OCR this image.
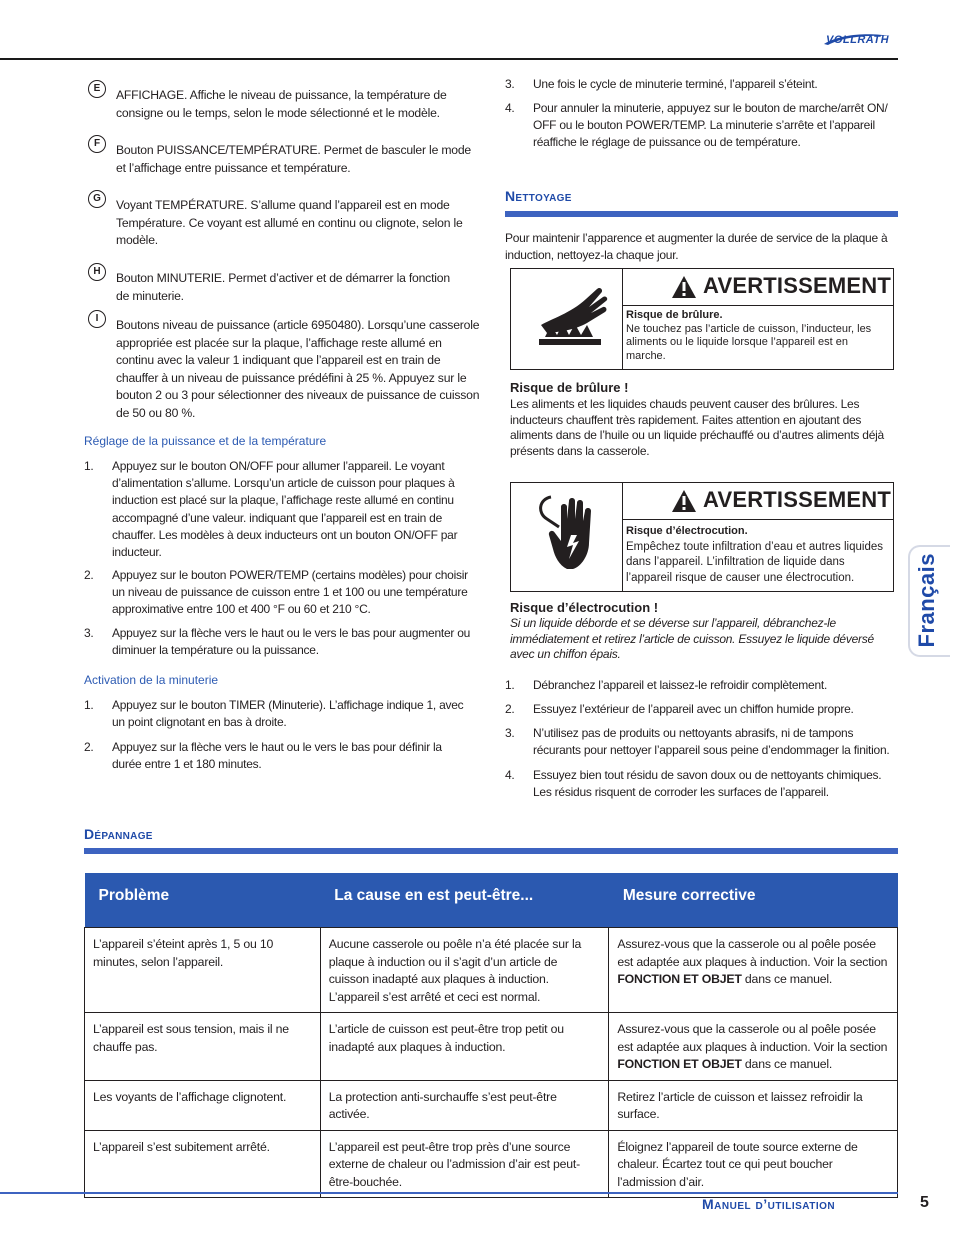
VOLLRATH
E	AFFICHAGE. Affiche le niveau de puissance, la température de consigne ou le temps, selon le mode sélectionné et le modèle.
F	Bouton PUISSANCE/TEMPÉRATURE. Permet de basculer le mode et l’affichage entre puissance et température.
G	Voyant TEMPÉRATURE. S’allume quand l’appareil est en mode Température. Ce voyant est allumé en continu ou clignote, selon le modèle.
H	Bouton MINUTERIE. Permet d’activer et de démarrer la fonction de minuterie.
I	Boutons niveau de puissance (article 6950480). Lorsqu’une casserole appropriée est placée sur la plaque, l’affichage reste allumé en continu avec la valeur 1 indiquant que l’appareil est en train de chauffer à un niveau de puissance prédéfini à 25 %. Appuyez sur le bouton 2 ou 3 pour sélectionner des niveaux de puissance de cuisson de 50 ou 80 %.
Réglage de la puissance et de la température
1.	Appuyez sur le bouton ON/OFF pour allumer l’appareil. Le voyant d’alimentation s’allume. Lorsqu’un article de cuisson pour plaques à induction est placé sur la plaque, l’affichage reste allumé en continu accompagné d’une valeur. indiquant que l’appareil est en train de chauffer. Les modèles à deux inducteurs ont un bouton ON/OFF par inducteur.
2.	Appuyez sur le bouton POWER/TEMP (certains modèles) pour choisir un niveau de puissance de cuisson entre 1 et 100 ou une température approximative entre 100 et 400 °F ou 60 et 210 °C.
3.	Appuyez sur la flèche vers le haut ou le vers le bas pour augmenter ou diminuer la température ou la puissance.
Activation de la minuterie
1.	Appuyez sur le bouton TIMER (Minuterie). L’affichage indique 1, avec un point clignotant en bas à droite.
2.	Appuyez sur la flèche vers le haut ou le vers le bas pour définir la durée entre 1 et 180 minutes.
3.	Une fois le cycle de minuterie terminé, l’appareil s’éteint.
4.	Pour annuler la minuterie, appuyez sur le bouton de marche/arrêt ON/ OFF ou le bouton POWER/TEMP. La minuterie s’arrête et l’appareil réaffiche le réglage de puissance ou de température.
Nettoyage
Pour maintenir l’apparence et augmenter la durée de service de la plaque à induction, nettoyez-la chaque jour.
AVERTISSEMENT
Risque de brûlure.
Ne touchez pas l’article de cuisson, l’inducteur, les aliments ou le liquide lorsque l’appareil est en marche.
Risque de brûlure !
Les aliments et les liquides chauds peuvent causer des brûlures. Les inducteurs chauffent très rapidement. Faites attention en ajoutant des aliments dans de l’huile ou un liquide préchauffé ou d’autres aliments déjà présents dans la casserole.
AVERTISSEMENT
Risque d’électrocution.
Empêchez toute infiltration d’eau et autres liquides dans l’appareil. L’infiltration de liquide dans l’appareil risque de causer une électrocution.
Risque d’électrocution !
Si un liquide déborde et se déverse sur l’appareil, débranchez-le immédiatement et retirez l’article de cuisson. Essuyez le liquide déversé avec un chiffon épais.
1.	Débranchez l’appareil et laissez-le refroidir complètement.
2.	Essuyez l’extérieur de l’appareil avec un chiffon humide propre.
3.	N’utilisez pas de produits ou nettoyants abrasifs, ni de tampons récurants pour nettoyer l’appareil sous peine d’endommager la finition.
4.	Essuyez bien tout résidu de savon doux ou de nettoyants chimiques. Les résidus risquent de corroder les surfaces de l’appareil.
Français
Dépannage
Problème	La cause en est peut-être...	Mesure corrective
L’appareil s’éteint après 1, 5 ou 10 minutes, selon l’appareil.	Aucune casserole ou poêle n’a été placée sur la plaque à induction ou il s’agit d’un article de cuisson inadapté aux plaques à induction. L’appareil s’est arrêté et ceci est normal.	Assurez-vous que la casserole ou al poêle posée est adaptée aux plaques à induction. Voir la section FONCTION ET OBJET dans ce manuel.
L’appareil est sous tension, mais il ne chauffe pas.	L’article de cuisson est peut-être trop petit ou inadapté aux plaques à induction.	Assurez-vous que la casserole ou al poêle posée est adaptée aux plaques à induction. Voir la section FONCTION ET OBJET dans ce manuel.
Les voyants de l’affichage clignotent.	La protection anti-surchauffe s’est peut-être activée.	Retirez l’article de cuisson et laissez refroidir la surface.
L’appareil s’est subitement arrêté.	L’appareil est peut-être trop près d’une source externe de chaleur ou l’admission d’air est peut-être-bouchée.	Éloignez l’appareil de toute source externe de chaleur. Écartez tout ce qui peut boucher l’admission d’air.
Manuel d’utilisation	5
